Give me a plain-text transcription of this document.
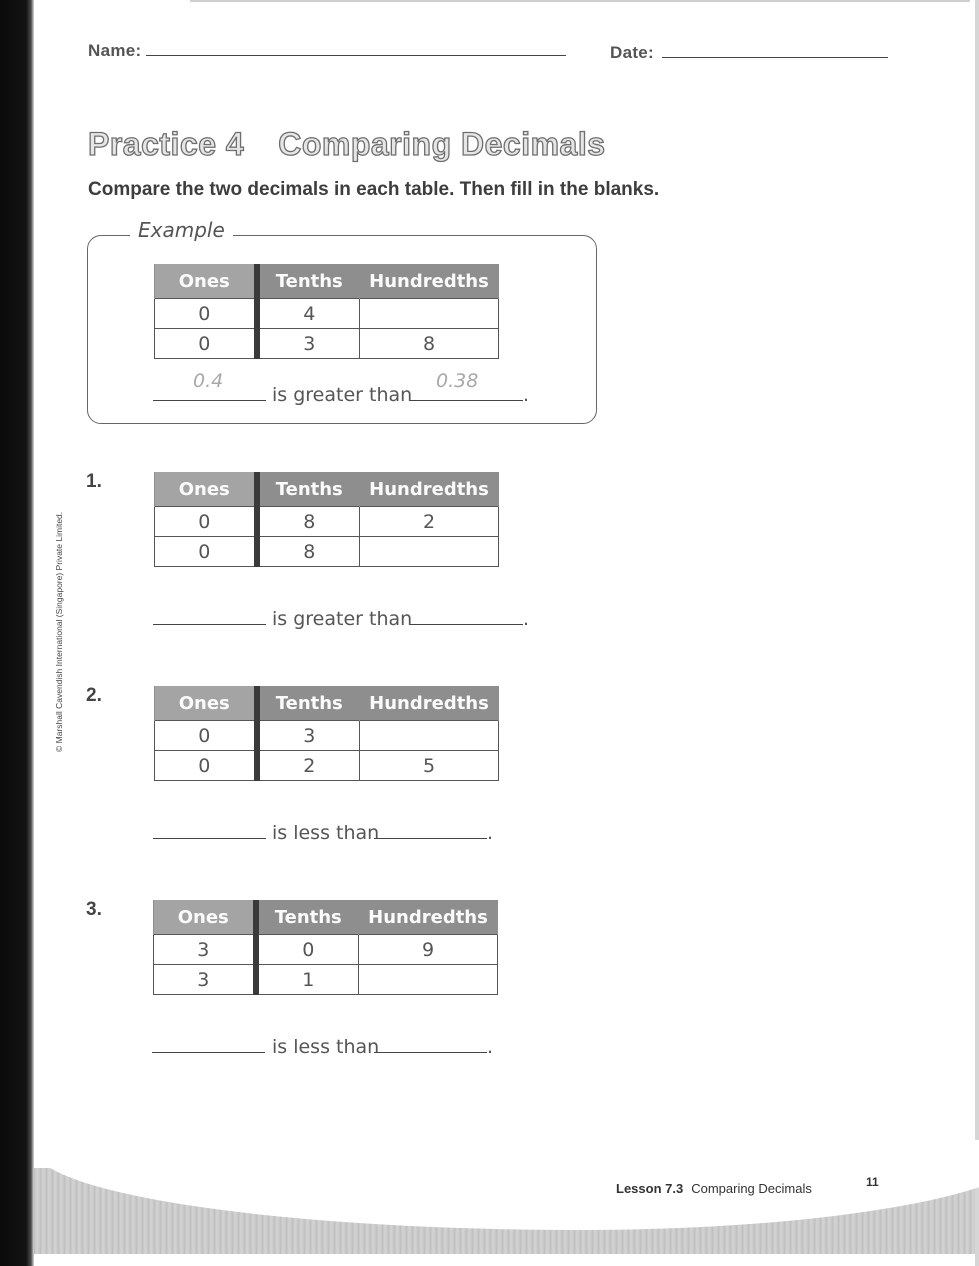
Name:	Date:
Practice 4 Comparing Decimals
Compare the two decimals in each table. Then fill in the blanks.
Example
Ones	Tenths	Hundredths
0	4	
0	3	8
0.4
is greater than
0.38
.
1.	Ones	Tenths	Hundredths
0	8	2
0	8	
is greater than	.
2.	Ones	Tenths	Hundredths
0	3	
0	2	5
is less than	.
3.	Ones	Tenths	Hundredths
3	0	9
3	1	
is less than	.
© Marshall Cavendish International (Singapore) Private Limited.
Lesson 7.3 Comparing Decimals	11
